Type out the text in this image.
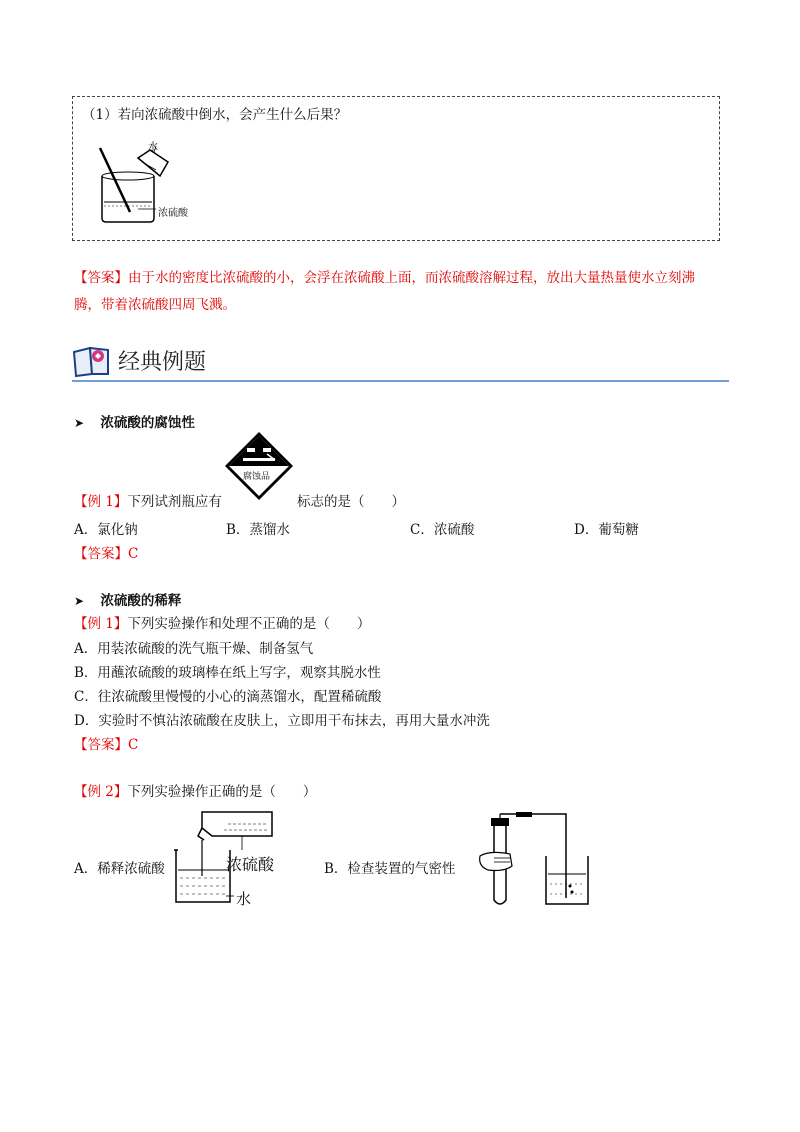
（1）若向浓硫酸中倒水，会产生什么后果？
水
浓硫酸
【答案】由于水的密度比浓硫酸的小，会浮在浓硫酸上面，而浓硫酸溶解过程，放出大量热量使水立刻沸
腾，带着浓硫酸四周飞溅。
经典例题
➤ 浓硫酸的腐蚀性
腐蚀品
【例 1】下列试剂瓶应有	标志的是（　　）
A．氯化钠	B．蒸馏水	C．浓硫酸	D．葡萄糖
【答案】C
➤ 浓硫酸的稀释
【例 1】下列实验操作和处理不正确的是（　　）
A．用装浓硫酸的洗气瓶干燥、制备氢气
B．用蘸浓硫酸的玻璃棒在纸上写字，观察其脱水性
C．往浓硫酸里慢慢的小心的滴蒸馏水，配置稀硫酸
D．实验时不慎沾浓硫酸在皮肤上，立即用干布抹去，再用大量水冲洗
【答案】C
【例 2】下列实验操作正确的是（　　）
A．稀释浓硫酸	浓硫酸
水
B．检查装置的气密性
